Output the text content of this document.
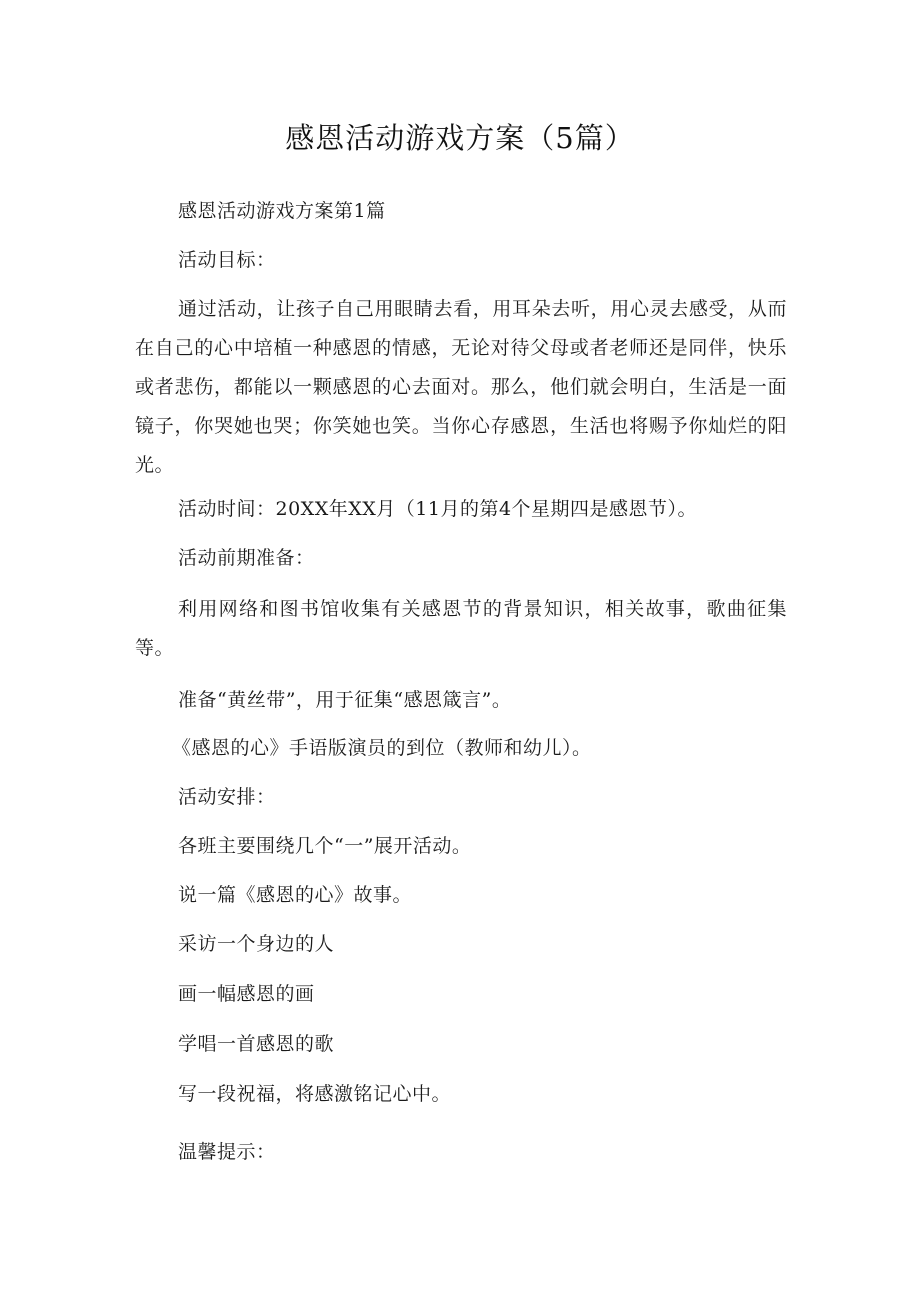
感恩活动游戏方案（5篇）
感恩活动游戏方案第1篇
活动目标：
通过活动，让孩子自己用眼睛去看，用耳朵去听，用心灵去感受，从而在自己的心中培植一种感恩的情感，无论对待父母或者老师还是同伴，快乐或者悲伤，都能以一颗感恩的心去面对。那么，他们就会明白，生活是一面镜子，你哭她也哭；你笑她也笑。当你心存感恩，生活也将赐予你灿烂的阳光。
活动时间：20XX年XX月（11月的第4个星期四是感恩节）。
活动前期准备：
利用网络和图书馆收集有关感恩节的背景知识，相关故事，歌曲征集等。
准备“黄丝带”，用于征集“感恩箴言”。
《感恩的心》手语版演员的到位（教师和幼儿）。
活动安排：
各班主要围绕几个“一”展开活动。
说一篇《感恩的心》故事。
采访一个身边的人
画一幅感恩的画
学唱一首感恩的歌
写一段祝福，将感激铭记心中。
温馨提示：
